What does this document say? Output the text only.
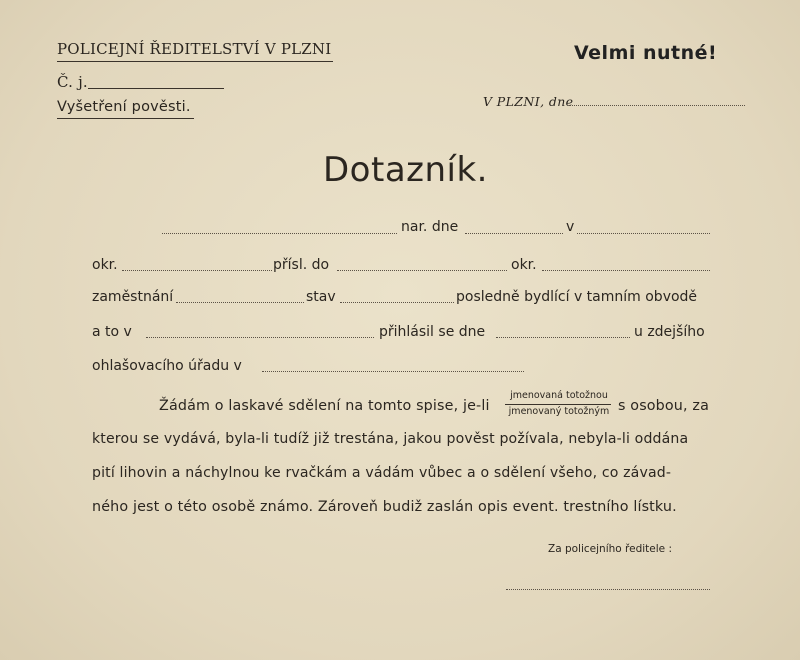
POLICEJNÍ ŘEDITELSTVÍ V PLZNI
Č. j.
Vyšetření pověsti.
Velmi nutné!
V PLZNI, dne
Dotazník.
nar. dne	v
okr.	přísl. do	okr.
zaměstnání	stav	posledně bydlící v tamním obvodě
a to v	přihlásil se dne	u zdejšího
ohlašovacího úřadu v
Žádám o laskavé sdělení na tomto spise, je-li
jmenovaná totožnou
jmenovaný totožným s osobou, za
kterou se vydává, byla-li tudíž již trestána, jakou pověst požívala, nebyla-li oddána
pití lihovin a náchylnou ke rvačkám a vádám vůbec a o sdělení všeho, co závad-
ného jest o této osobě známo. Zároveň budiž zaslán opis event. trestního lístku.
Za policejního ředitele :
